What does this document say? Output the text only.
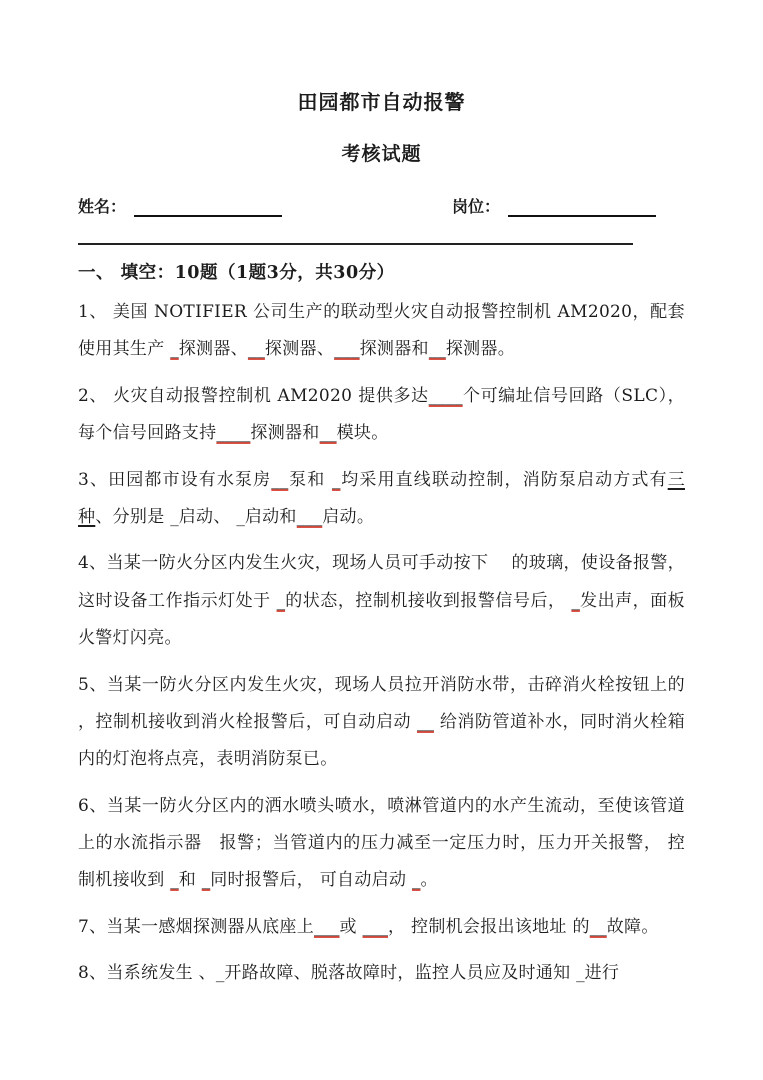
田园都市自动报警
考核试题
姓名：	岗位：
一、 填空：10题（1题3分，共30分）

1、 美国 NOTIFIER 公司生产的联动型火灾自动报警控制机 AM2020，配套使用其生产 _探测器、__探测器、___探测器和__探测器。

2、 火灾自动报警控制机 AM2020 提供多达____个可编址信号回路（SLC），每个信号回路支持____探测器和__模块。

3、田园都市设有水泵房__泵和 _均采用直线联动控制，消防泵启动方式有三种、分别是 _启动、 _启动和___启动。

4、当某一防火分区内发生火灾，现场人员可手动按下　 的玻璃，使设备报警，这时设备工作指示灯处于 _的状态，控制机接收到报警信号后， _发出声，面板火警灯闪亮。

5、当某一防火分区内发生火灾，现场人员拉开消防水带，击碎消火栓按钮上的 ，控制机接收到消火栓报警后，可自动启动 __ 给消防管道补水，同时消火栓箱内的灯泡将点亮，表明消防泵已。

6、当某一防火分区内的洒水喷头喷水，喷淋管道内的水产生流动，至使该管道上的水流指示器　报警；当管道内的压力减至一定压力时，压力开关报警， 控制机接收到 _和 _同时报警后， 可自动启动 _。

7、当某一感烟探测器从底座上___或 ___， 控制机会报出该地址 的__故障。

8、当系统发生 、_开路故障、脱落故障时，监控人员应及时通知 _进行
